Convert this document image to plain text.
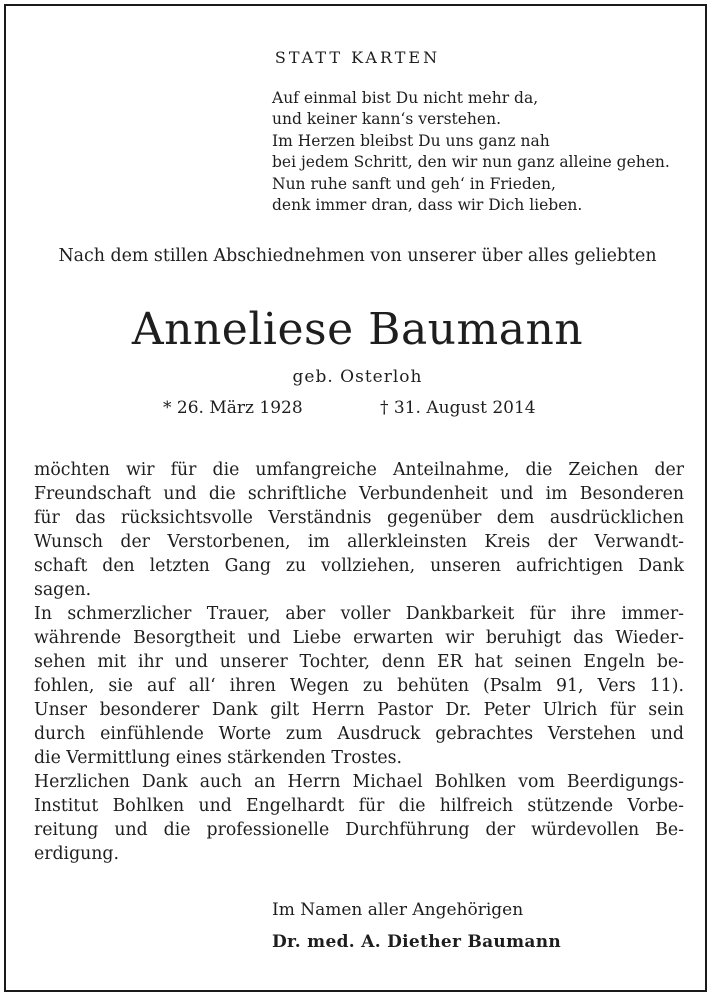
STATT KARTEN
Auf einmal bist Du nicht mehr da,
und keiner kann‘s verstehen.
Im Herzen bleibst Du uns ganz nah
bei jedem Schritt, den wir nun ganz alleine gehen.
Nun ruhe sanft und geh‘ in Frieden,
denk immer dran, dass wir Dich lieben.
Nach dem stillen Abschiednehmen von unserer über alles geliebten
Anneliese Baumann
geb. Osterloh
* 26. März 1928	† 31. August 2014
möchten wir für die umfangreiche Anteilnahme, die Zeichen der
Freundschaft und die schriftliche Verbundenheit und im Besonderen
für das rücksichtsvolle Verständnis gegenüber dem ausdrücklichen
Wunsch der Verstorbenen, im allerkleinsten Kreis der Verwandt-
schaft den letzten Gang zu vollziehen, unseren aufrichtigen Dank
sagen.
In schmerzlicher Trauer, aber voller Dankbarkeit für ihre immer-
währende Besorgtheit und Liebe erwarten wir beruhigt das Wieder-
sehen mit ihr und unserer Tochter, denn ER hat seinen Engeln be-
fohlen, sie auf all‘ ihren Wegen zu behüten (Psalm 91, Vers 11).
Unser besonderer Dank gilt Herrn Pastor Dr. Peter Ulrich für sein
durch einfühlende Worte zum Ausdruck gebrachtes Verstehen und
die Vermittlung eines stärkenden Trostes.
Herzlichen Dank auch an Herrn Michael Bohlken vom Beerdigungs-
Institut Bohlken und Engelhardt für die hilfreich stützende Vorbe-
reitung und die professionelle Durchführung der würdevollen Be-
erdigung.
Im Namen aller Angehörigen
Dr. med. A. Diether Baumann
